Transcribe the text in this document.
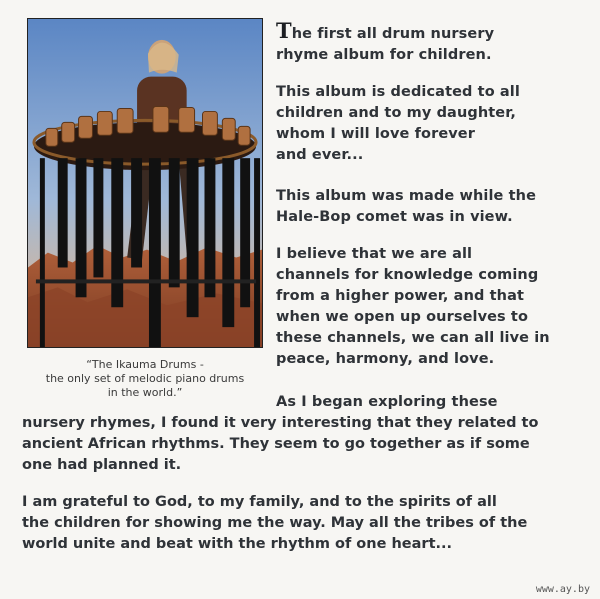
“The Ikauma Drums -
the only set of melodic piano drums
in the world.”
The first all drum nursery
rhyme album for children.
This album is dedicated to all
children and to my daughter,
whom I will love forever
and ever...
This album was made while the
Hale-Bop comet was in view.
I believe that we are all
channels for knowledge coming
from a higher power, and that
when we open up ourselves to
these channels, we can all live in
peace, harmony, and love.
As I began exploring these
nursery rhymes, I found it very interesting that they related to
ancient African rhythms. They seem to go together as if some
one had planned it.
I am grateful to God, to my family, and to the spirits of all
the children for showing me the way. May all the tribes of the
world unite and beat with the rhythm of one heart...
www.ay.by
